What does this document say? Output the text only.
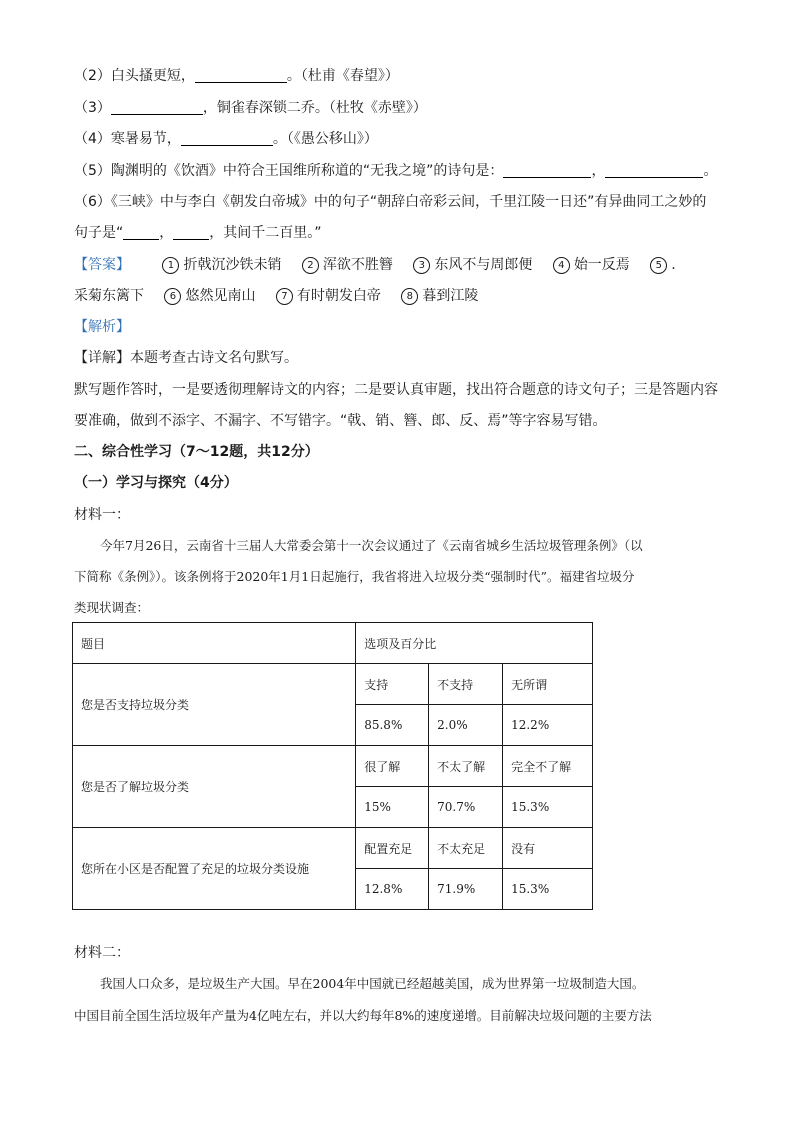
（2）白头搔更短，	。（杜甫《春望》）
（3）	，铜雀春深锁二乔。（杜牧《赤壁》）
（4）寒暑易节，	。（《愚公移山》）
（5）陶渊明的《饮酒》中符合王国维所称道的“无我之境”的诗句是：	，	。
（6）《三峡》中与李白《朝发白帝城》中的句子“朝辞白帝彩云间，千里江陵一日还”有异曲同工之妙的
句子是“	，	，其间千二百里。”
【答案】	1 折戟沉沙铁未销	2 浑欲不胜簪	3 东风不与周郎便	4 始一反焉	5 .
采菊东篱下	6 悠然见南山	7 有时朝发白帝	8 暮到江陵
【解析】
【详解】本题考查古诗文名句默写。
默写题作答时，一是要透彻理解诗文的内容；二是要认真审题，找出符合题意的诗文句子；三是答题内容
要准确，做到不添字、不漏字、不写错字。“戟、销、簪、郎、反、焉”等字容易写错。
二、综合性学习（7～12题，共12分）
（一）学习与探究（4分）
材料一：
今年7月26日，云南省十三届人大常委会第十一次会议通过了《云南省城乡生活垃圾管理条例》（以
下简称《条例》）。该条例将于2020年1月1日起施行，我省将进入垃圾分类“强制时代”。福建省垃圾分
类现状调查：
题目	选项及百分比		
您是否支持垃圾分类	支持	不支持	无所谓
	85.8%	2.0%	12.2%
您是否了解垃圾分类	很了解	不太了解	完全不了解
	15%	70.7%	15.3%
您所在小区是否配置了充足的垃圾分类设施	配置充足	不太充足	没有
	12.8%	71.9%	15.3%
材料二：
我国人口众多，是垃圾生产大国。早在2004年中国就已经超越美国，成为世界第一垃圾制造大国。
中国目前全国生活垃圾年产量为4亿吨左右，并以大约每年8%的速度递增。目前解决垃圾问题的主要方法
